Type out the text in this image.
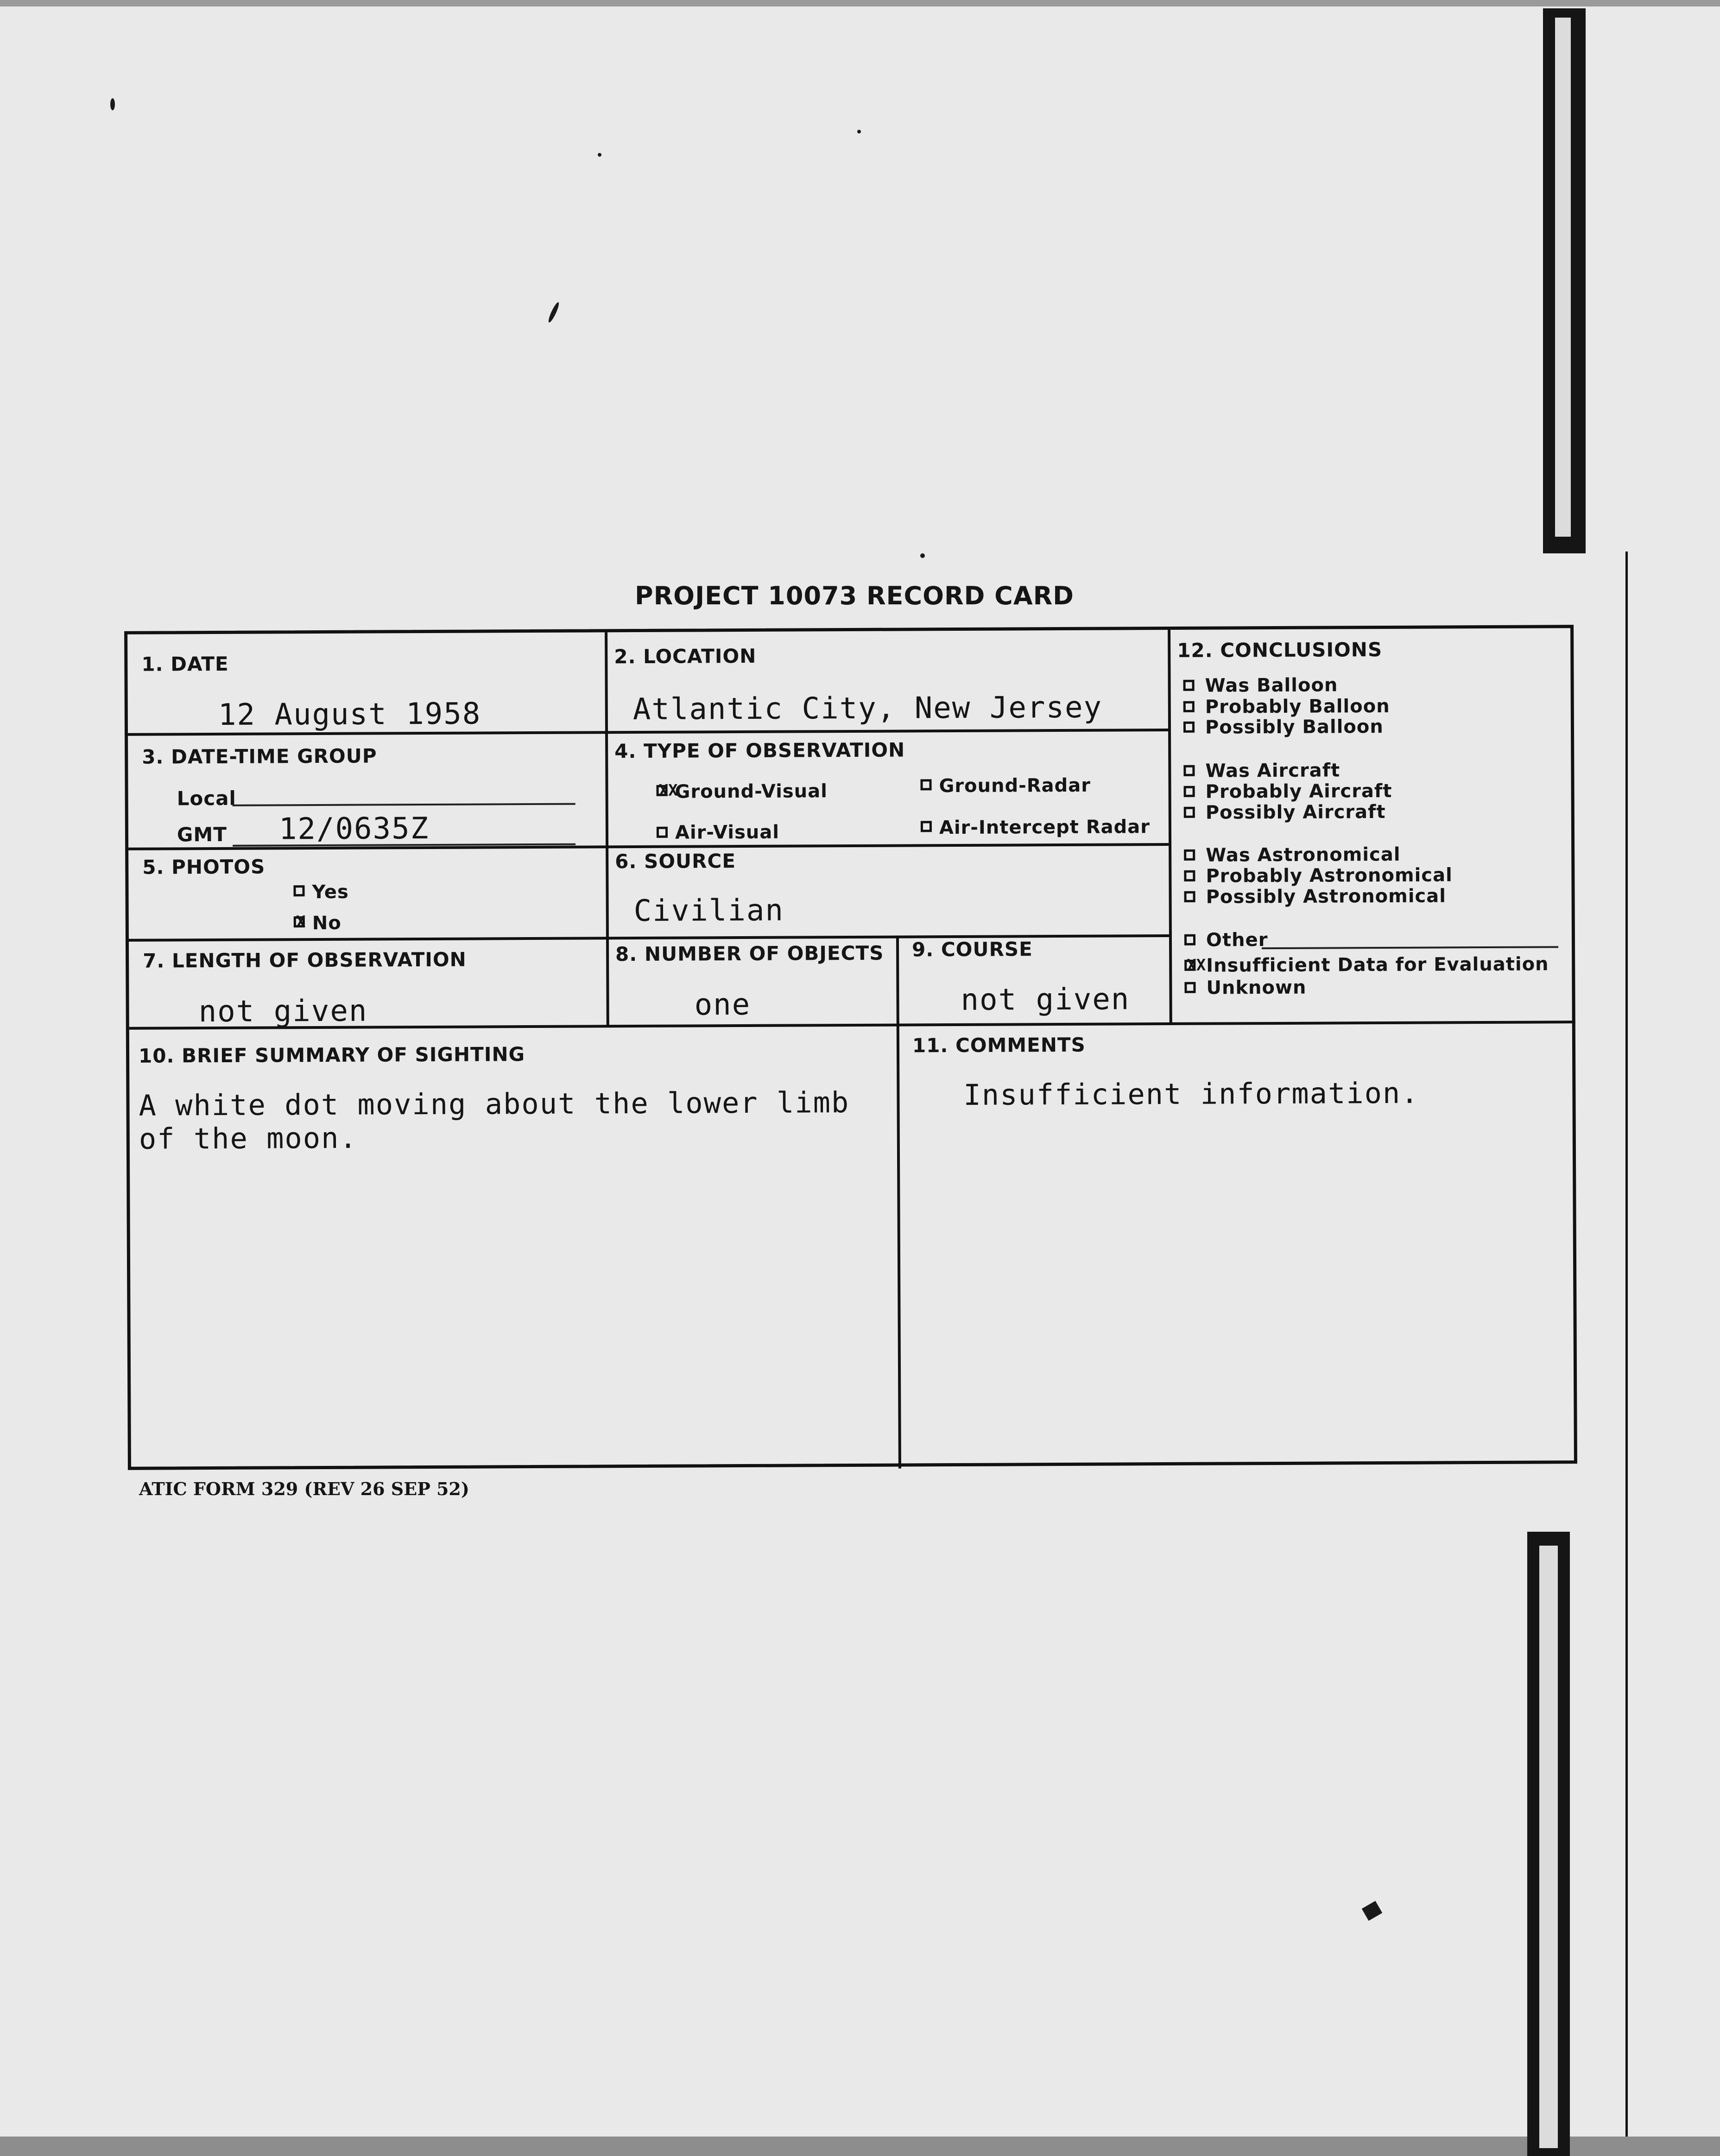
PROJECT 10073 RECORD CARD
1. DATE
12 August 1958
2. LOCATION
Atlantic City, New Jersey
3. DATE-TIME GROUP
Local
GMT 12/0635Z
4. TYPE OF OBSERVATION
XX
Ground-Visual	Ground-Radar
Air-Visual	Air-Intercept Radar
5. PHOTOS
Yes
X No
6. SOURCE
Civilian
7. LENGTH OF OBSERVATION
not given
8. NUMBER OF OBJECTS
one
9. COURSE
not given
10. BRIEF SUMMARY OF SIGHTING
A white dot moving about the lower limb
of the moon.
11. COMMENTS
Insufficient information.
12. CONCLUSIONS
Was Balloon
Probably Balloon
Possibly Balloon
Was Aircraft
Probably Aircraft
Possibly Aircraft
Was Astronomical
Probably Astronomical
Possibly Astronomical
Other
XX Insufficient Data for Evaluation
Unknown
ATIC FORM 329 (REV 26 SEP 52)
